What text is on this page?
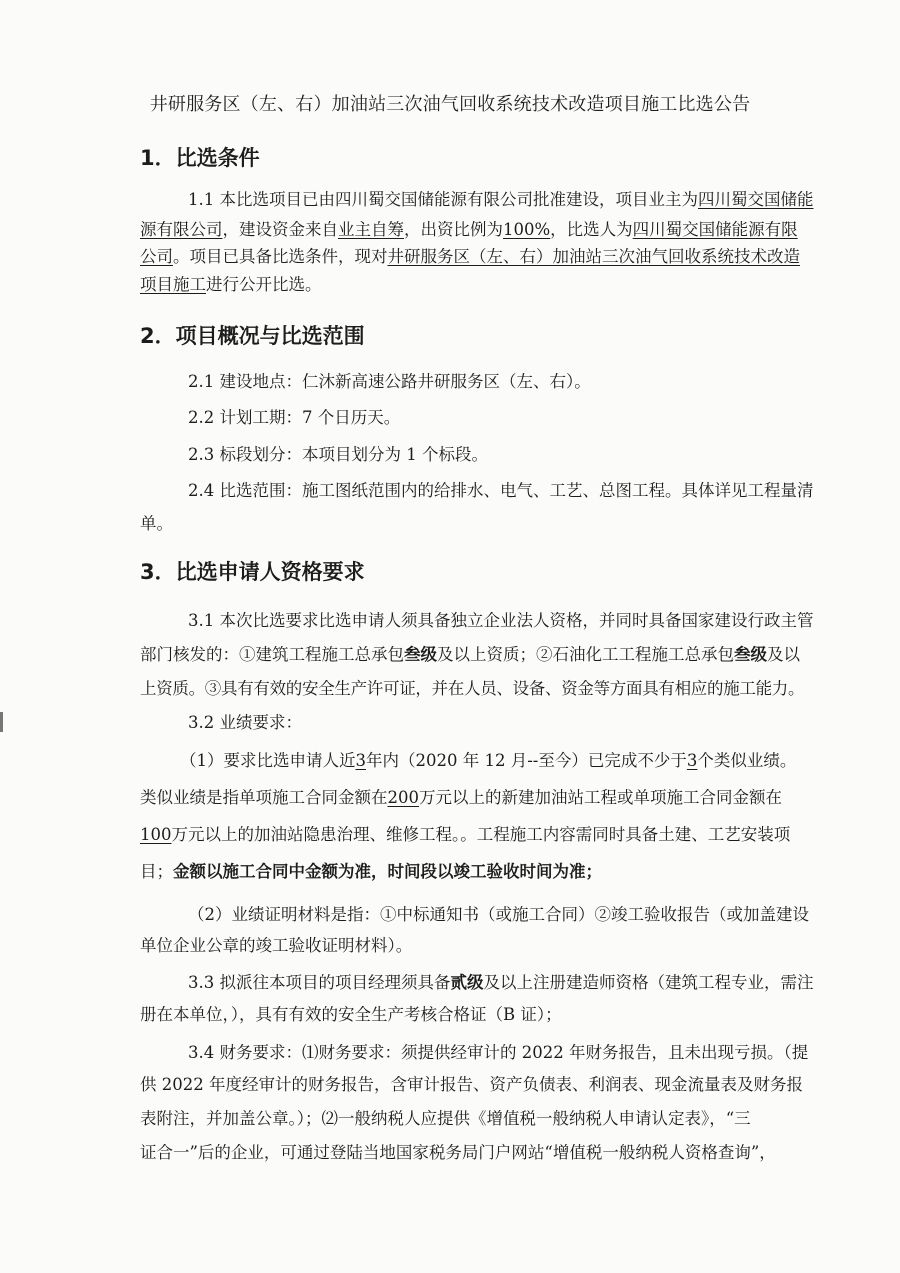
井研服务区（左、右）加油站三次油气回收系统技术改造项目施工比选公告
1．比选条件
1.1 本比选项目已由四川蜀交国储能源有限公司批准建设，项目业主为四川蜀交国储能
源有限公司，建设资金来自业主自筹，出资比例为100%，比选人为四川蜀交国储能源有限
公司。项目已具备比选条件，现对井研服务区（左、右）加油站三次油气回收系统技术改造
项目施工进行公开比选。
2．项目概况与比选范围
2.1 建设地点：仁沐新高速公路井研服务区（左、右）。
2.2 计划工期：7 个日历天。
2.3 标段划分：本项目划分为 1 个标段。
2.4 比选范围：施工图纸范围内的给排水、电气、工艺、总图工程。具体详见工程量清
单。
3．比选申请人资格要求
3.1 本次比选要求比选申请人须具备独立企业法人资格，并同时具备国家建设行政主管
部门核发的：①建筑工程施工总承包叁级及以上资质；②石油化工工程施工总承包叁级及以
上资质。③具有有效的安全生产许可证，并在人员、设备、资金等方面具有相应的施工能力。
3.2 业绩要求：
（1）要求比选申请人近3年内（2020 年 12 月--至今）已完成不少于3个类似业绩。
类似业绩是指单项施工合同金额在200万元以上的新建加油站工程或单项施工合同金额在
100万元以上的加油站隐患治理、维修工程。。工程施工内容需同时具备土建、工艺安装项
目；金额以施工合同中金额为准，时间段以竣工验收时间为准；
（2）业绩证明材料是指：①中标通知书（或施工合同）②竣工验收报告（或加盖建设
单位企业公章的竣工验收证明材料）。
3.3 拟派往本项目的项目经理须具备贰级及以上注册建造师资格（建筑工程专业，需注
册在本单位，），具有有效的安全生产考核合格证（B 证）；
3.4 财务要求：⑴财务要求：须提供经审计的 2022 年财务报告，且未出现亏损。（提
供 2022 年度经审计的财务报告，含审计报告、资产负债表、利润表、现金流量表及财务报
表附注，并加盖公章。）；⑵一般纳税人应提供《增值税一般纳税人申请认定表》，“三
证合一”后的企业，可通过登陆当地国家税务局门户网站“增值税一般纳税人资格查询”，
